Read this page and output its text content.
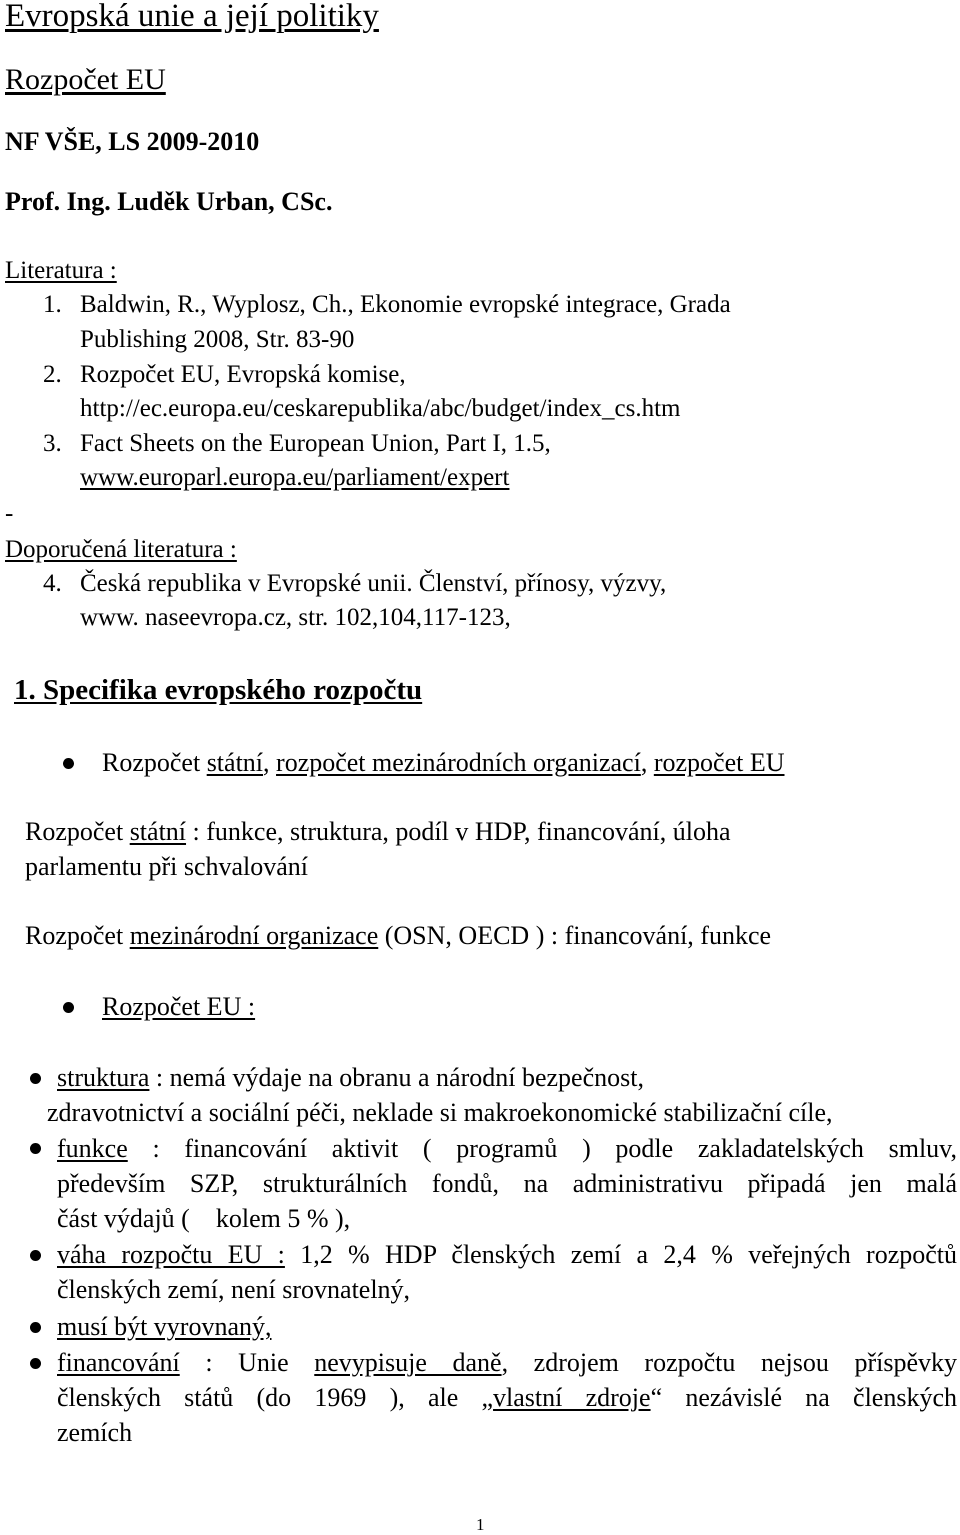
Evropská unie a její politiky
Rozpočet EU
NF VŠE, LS 2009-2010
Prof. Ing. Luděk Urban, CSc.
Literatura :
1. Baldwin, R., Wyplosz, Ch., Ekonomie evropské integrace, Grada
Publishing 2008, Str. 83-90
2. Rozpočet EU, Evropská komise,
http://ec.europa.eu/ceskarepublika/abc/budget/index_cs.htm
3. Fact Sheets on the European Union, Part I, 1.5,
www.europarl.europa.eu/parliament/expert
-
Doporučená literatura :
4. Česká republika v Evropské unii. Členství, přínosy, výzvy,
www. naseevropa.cz, str. 102,104,117-123,
1. Specifika evropského rozpočtu
Rozpočet státní, rozpočet mezinárodních organizací, rozpočet EU
Rozpočet státní : funkce, struktura, podíl v HDP, financování, úloha
parlamentu při schvalování
Rozpočet mezinárodní organizace (OSN, OECD ) : financování, funkce
Rozpočet EU :
struktura : nemá výdaje na obranu a národní bezpečnost,
zdravotnictví a sociální péči, neklade si makroekonomické stabilizační cíle,
funkce : financování aktivit ( programů ) podle zakladatelských smluv,
především SZP, strukturálních fondů, na administrativu připadá jen malá
část výdajů (    kolem 5 % ),
váha rozpočtu EU : 1,2 % HDP členských zemí a 2,4 % veřejných rozpočtů
členských zemí, není srovnatelný,
musí být vyrovnaný,
financování : Unie nevypisuje daně, zdrojem rozpočtu nejsou příspěvky
členských států (do 1969 ), ale „vlastní zdroje“ nezávislé na členských
zemích
1
